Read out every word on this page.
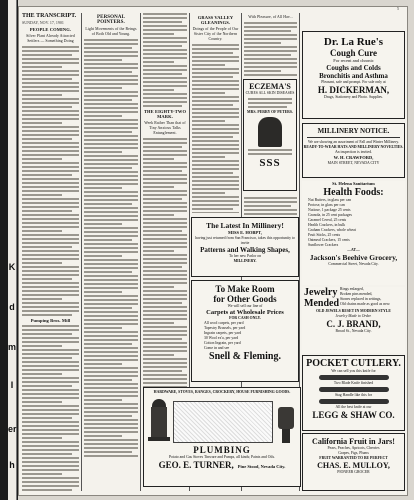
K
d
m
I
er
h
5
THE TRANSCRIPT.
SUNDAY, NOV. 17, 1901
PEOPLE COMING.
Silver Plant Already Attracted Settlers — Something Doing
Pumping Bros. Mill
PERSONAL POINTERS.
Light Movements of the Beings of Both Old and Young.
THE EIGHTY-TWO MARK.
Week Rather Than that of Tiny Anxious Talks Entanglement.
GRASS VALLEY GLEANINGS.
Doings of the People of Our Sister City of the Northern Country.
With Pleasure, of All Hav...
ECZEMA'S
CURES ALL SKIN DISEASES
MRS. PERRY OF PETERS.
SSS
Dr. La Rue's
Cough Cure
For recent and chronic
Coughs and Colds
Bronchitis and Asthma
Pleasant, safe and prompt. For sale only at
H. DICKERMAN,
Drugs, Stationery and Photo. Supplies.
MILLINERY NOTICE.
We are showing an assortment of Fall and Winter Millinery.
READY-TO-WEAR HATS AND MILLINERY NOVELTIES.
An inspection is invited.
W. H. CRAWFORD,
MAIN STREET, NEVADA CITY
St. Helena Sanitarium
Health Foods:
Nut Butters, in glass per can
Protose, in glass per can
Nuttose, 1 package 25 cents
Granola, in 25 cent packages
Caramel Cereal, 25 cents
Health Crackers, in bulk
Graham Crackers, whole wheat
Fruit Sticks, 25 cents
Oatmeal Crackers, 15 cents
Sunflower Crackers
—AT—
Jackson's Beehive Grocery,
Commercial Street, Nevada City.
The Latest In Millinery!
MISS E. HOBPT,
having just returned from San Francisco, takes this opportunity to invite
Patterns and Walking Shapes,
To her new Parlor on
MILLINERY.
To Make Room
for Other Goods
We will sell our line of
Carpets at Wholesale Prices
FOR CASH ONLY.
All wool carpets, per yard
Tapestry Brussels, per yard
Ingrain carpets, per yard
30 Wool ex'a, per yard
Cotton Ingrain, per yard
Come in and see
Snell & Fleming.
Jewelry
Mended
Rings enlarged,
Broken pins mended,
Stones replaced in settings,
Old chains made as good as new.
OLD JEWELS RESET IN MODERN STYLE
Jewelry Made to Order.
C. J. BRAND,
Broad St., Nevada City.
POCKET CUTLERY.
We can sell you this knife for
Two Blade Knife finished
Stag Handle like this for
All the best knife at our
LEGG & SHAW CO.
California Fruit in Jars!
Pears, Peaches, Apricots, Cherries
Grapes, Figs, Plums
FRUIT WARRANTED TO BE PERFECT
CHAS. E. MULLOY,
PIONEER GROCER
HARDWARE, STOVES, RANGES, CROCKERY, HOUSE FURNISHING GOODS.
PLUMBING
Potato and Gas Stoves Tinware and Pumps, all kinds; Paints and Oils.
GEO. E. TURNER, Pine Stood, Nevada City.
